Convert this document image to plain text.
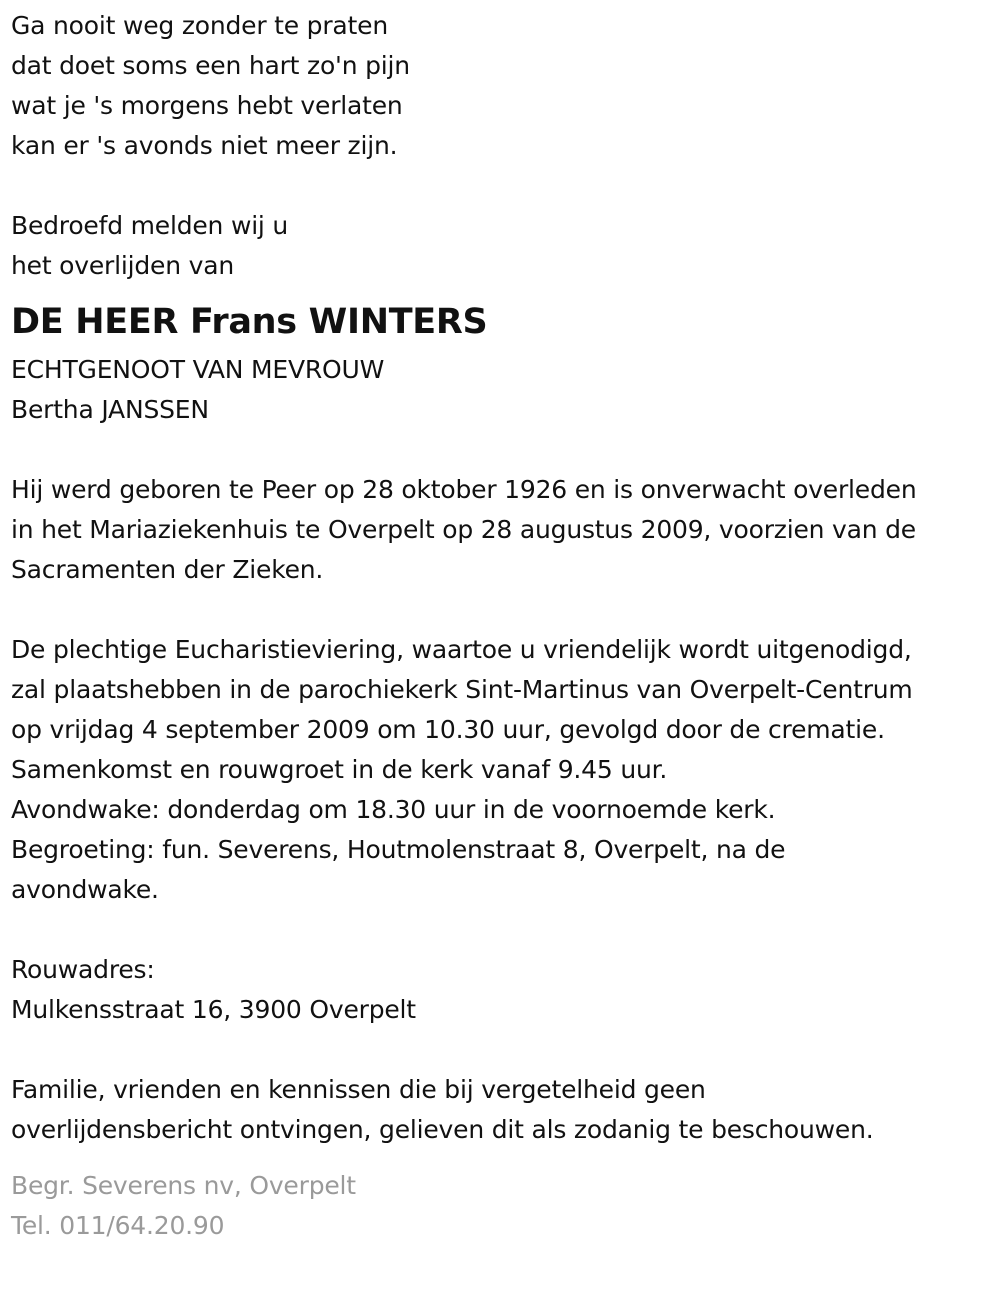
Ga nooit weg zonder te praten
dat doet soms een hart zo'n pijn
wat je 's morgens hebt verlaten
kan er 's avonds niet meer zijn.
Bedroefd melden wij u
het overlijden van
DE HEER Frans WINTERS
ECHTGENOOT VAN MEVROUW
Bertha JANSSEN
Hij werd geboren te Peer op 28 oktober 1926 en is onverwacht overleden
in het Mariaziekenhuis te Overpelt op 28 augustus 2009, voorzien van de
Sacramenten der Zieken.
De plechtige Eucharistieviering, waartoe u vriendelijk wordt uitgenodigd,
zal plaatshebben in de parochiekerk Sint-Martinus van Overpelt-Centrum
op vrijdag 4 september 2009 om 10.30 uur, gevolgd door de crematie.
Samenkomst en rouwgroet in de kerk vanaf 9.45 uur.
Avondwake: donderdag om 18.30 uur in de voornoemde kerk.
Begroeting: fun. Severens, Houtmolenstraat 8, Overpelt, na de
avondwake.
Rouwadres:
Mulkensstraat 16, 3900 Overpelt
Familie, vrienden en kennissen die bij vergetelheid geen
overlijdensbericht ontvingen, gelieven dit als zodanig te beschouwen.
Begr. Severens nv, Overpelt
Tel. 011/64.20.90
